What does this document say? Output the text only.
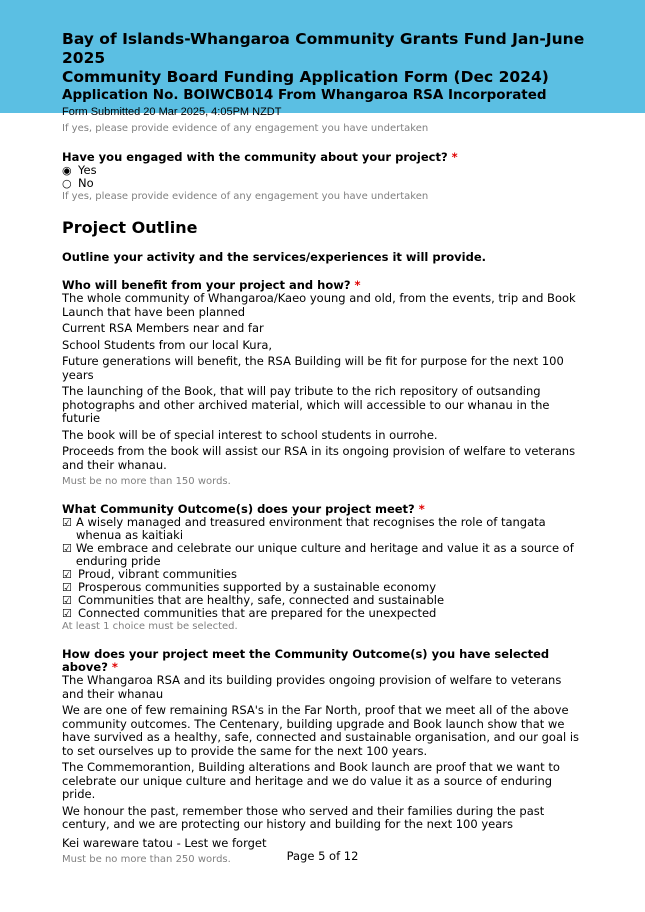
Bay of Islands-Whangaroa Community Grants Fund Jan-June 2025
Community Board Funding Application Form (Dec 2024)
Application No. BOIWCB014 From Whangaroa RSA Incorporated
Form Submitted 20 Mar 2025, 4:05PM NZDT
If yes, please provide evidence of any engagement you have undertaken
Have you engaged with the community about your project? *
◉ Yes
○ No
If yes, please provide evidence of any engagement you have undertaken
Project Outline
Outline your activity and the services/experiences it will provide.
Who will benefit from your project and how? *
The whole community of Whangaroa/Kaeo young and old, from the events, trip and Book Launch that have been planned
Current RSA Members near and far
School Students from our local Kura,
Future generations will benefit, the RSA Building will be fit for purpose for the next 100 years
The launching of the Book, that will pay tribute to the rich repository of outsanding photographs and other archived material, which will accessible to our whanau in the futurie
The book will be of special interest to school students in ourrohe.
Proceeds from the book will assist our RSA in its ongoing provision of welfare to veterans and their whanau.
Must be no more than 150 words.
What Community Outcome(s) does your project meet? *
☑ A wisely managed and treasured environment that recognises the role of tangata whenua as kaitiaki
☑ We embrace and celebrate our unique culture and heritage and value it as a source of enduring pride
☑ Proud, vibrant communities
☑ Prosperous communities supported by a sustainable economy
☑ Communities that are healthy, safe, connected and sustainable
☑ Connected communities that are prepared for the unexpected
At least 1 choice must be selected.
How does your project meet the Community Outcome(s) you have selected above? *
The Whangaroa RSA and its building provides ongoing provision of welfare to veterans and their whanau
We are one of few remaining RSA's in the Far North, proof that we meet all of the above community outcomes. The Centenary, building upgrade and Book launch show that we have survived as a healthy, safe, connected and sustainable organisation, and our goal is to set ourselves up to provide the same for the next 100 years.
The Commemorantion, Building alterations and Book launch are proof that we want to celebrate our unique culture and heritage and we do value it as a source of enduring pride.
We honour the past, remember those who served and their families during the past century, and we are protecting our history and building for the next 100 years
Kei wareware tatou - Lest we forget
Must be no more than 250 words.	Page 5 of 12
